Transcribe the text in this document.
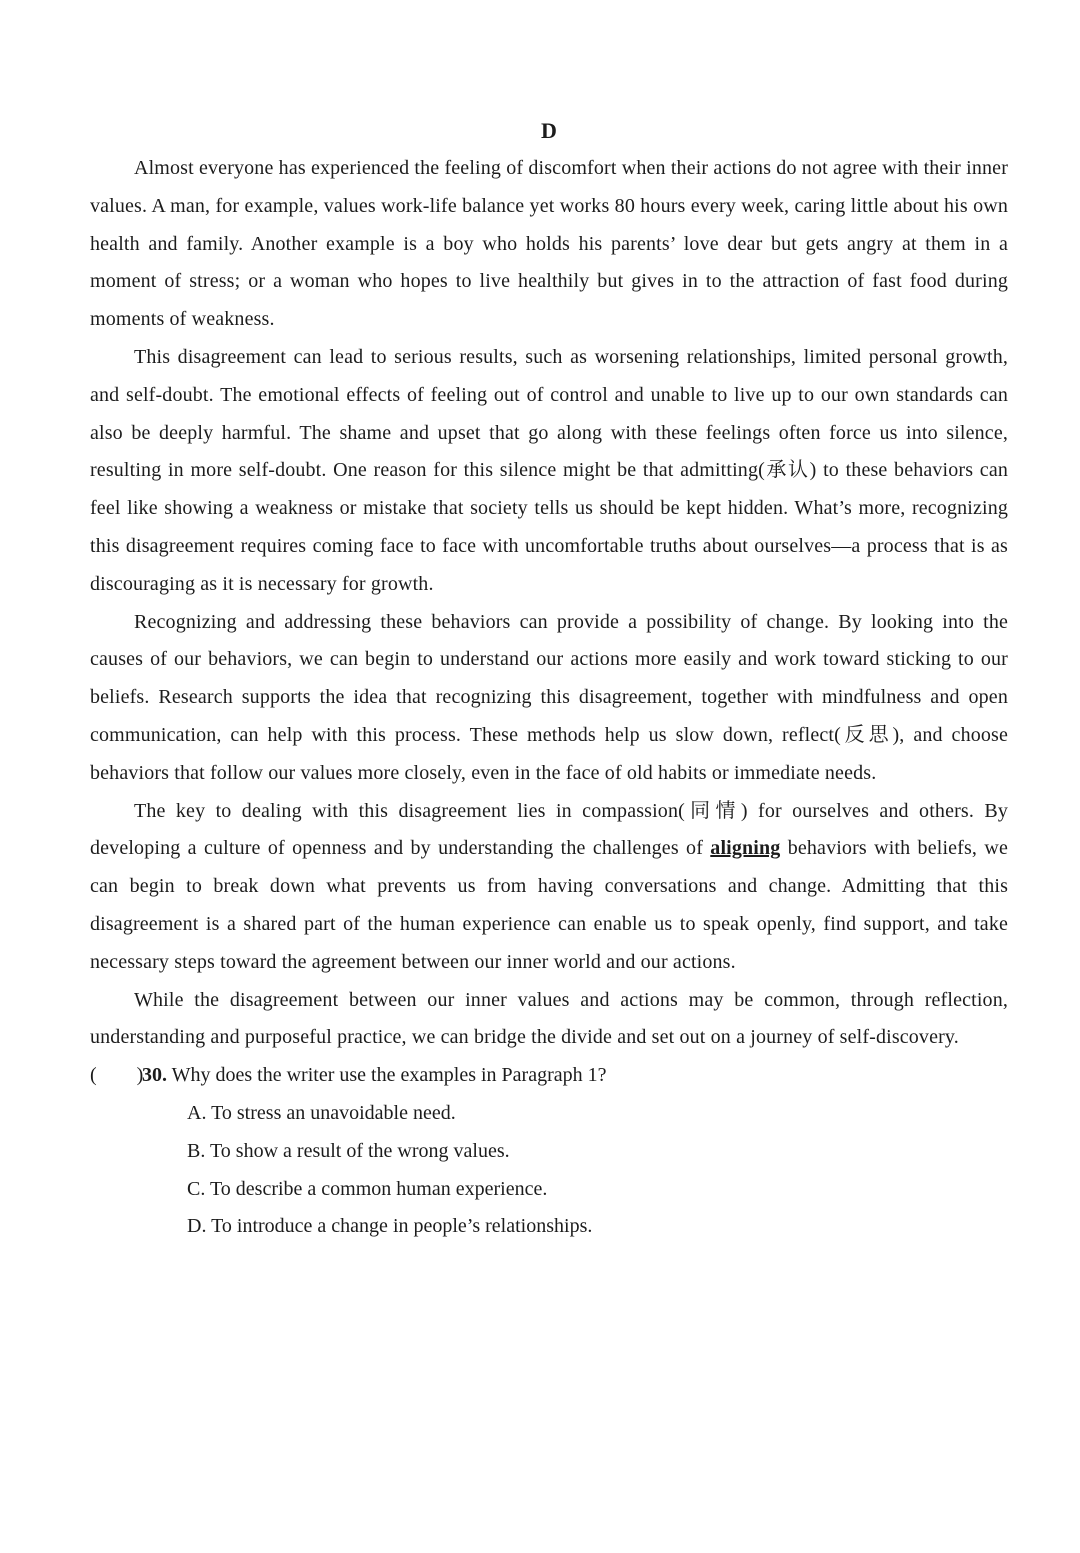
D

Almost everyone has experienced the feeling of discomfort when their actions do not agree with their inner values. A man, for example, values work-life balance yet works 80 hours every week, caring little about his own health and family. Another example is a boy who holds his parents’ love dear but gets angry at them in a moment of stress; or a woman who hopes to live healthily but gives in to the attraction of fast food during moments of weakness.

This disagreement can lead to serious results, such as worsening relationships, limited personal growth, and self-doubt. The emotional effects of feeling out of control and unable to live up to our own standards can also be deeply harmful. The shame and upset that go along with these feelings often force us into silence, resulting in more self-doubt. One reason for this silence might be that admitting(承认) to these behaviors can feel like showing a weakness or mistake that society tells us should be kept hidden. What’s more, recognizing this disagreement requires coming face to face with uncomfortable truths about ourselves—a process that is as discouraging as it is necessary for growth.

Recognizing and addressing these behaviors can provide a possibility of change. By looking into the causes of our behaviors, we can begin to understand our actions more easily and work toward sticking to our beliefs. Research supports the idea that recognizing this disagreement, together with mindfulness and open communication, can help with this process. These methods help us slow down, reflect(反思), and choose behaviors that follow our values more closely, even in the face of old habits or immediate needs.

The key to dealing with this disagreement lies in compassion(同情) for ourselves and others. By developing a culture of openness and by understanding the challenges of aligning behaviors with beliefs, we can begin to break down what prevents us from having conversations and change. Admitting that this disagreement is a shared part of the human experience can enable us to speak openly, find support, and take necessary steps toward the agreement between our inner world and our actions.

While the disagreement between our inner values and actions may be common, through reflection, understanding and purposeful practice, we can bridge the divide and set out on a journey of self-discovery.

(　　)30. Why does the writer use the examples in Paragraph 1?

A. To stress an unavoidable need.
B. To show a result of the wrong values.
C. To describe a common human experience.
D. To introduce a change in people’s relationships.
